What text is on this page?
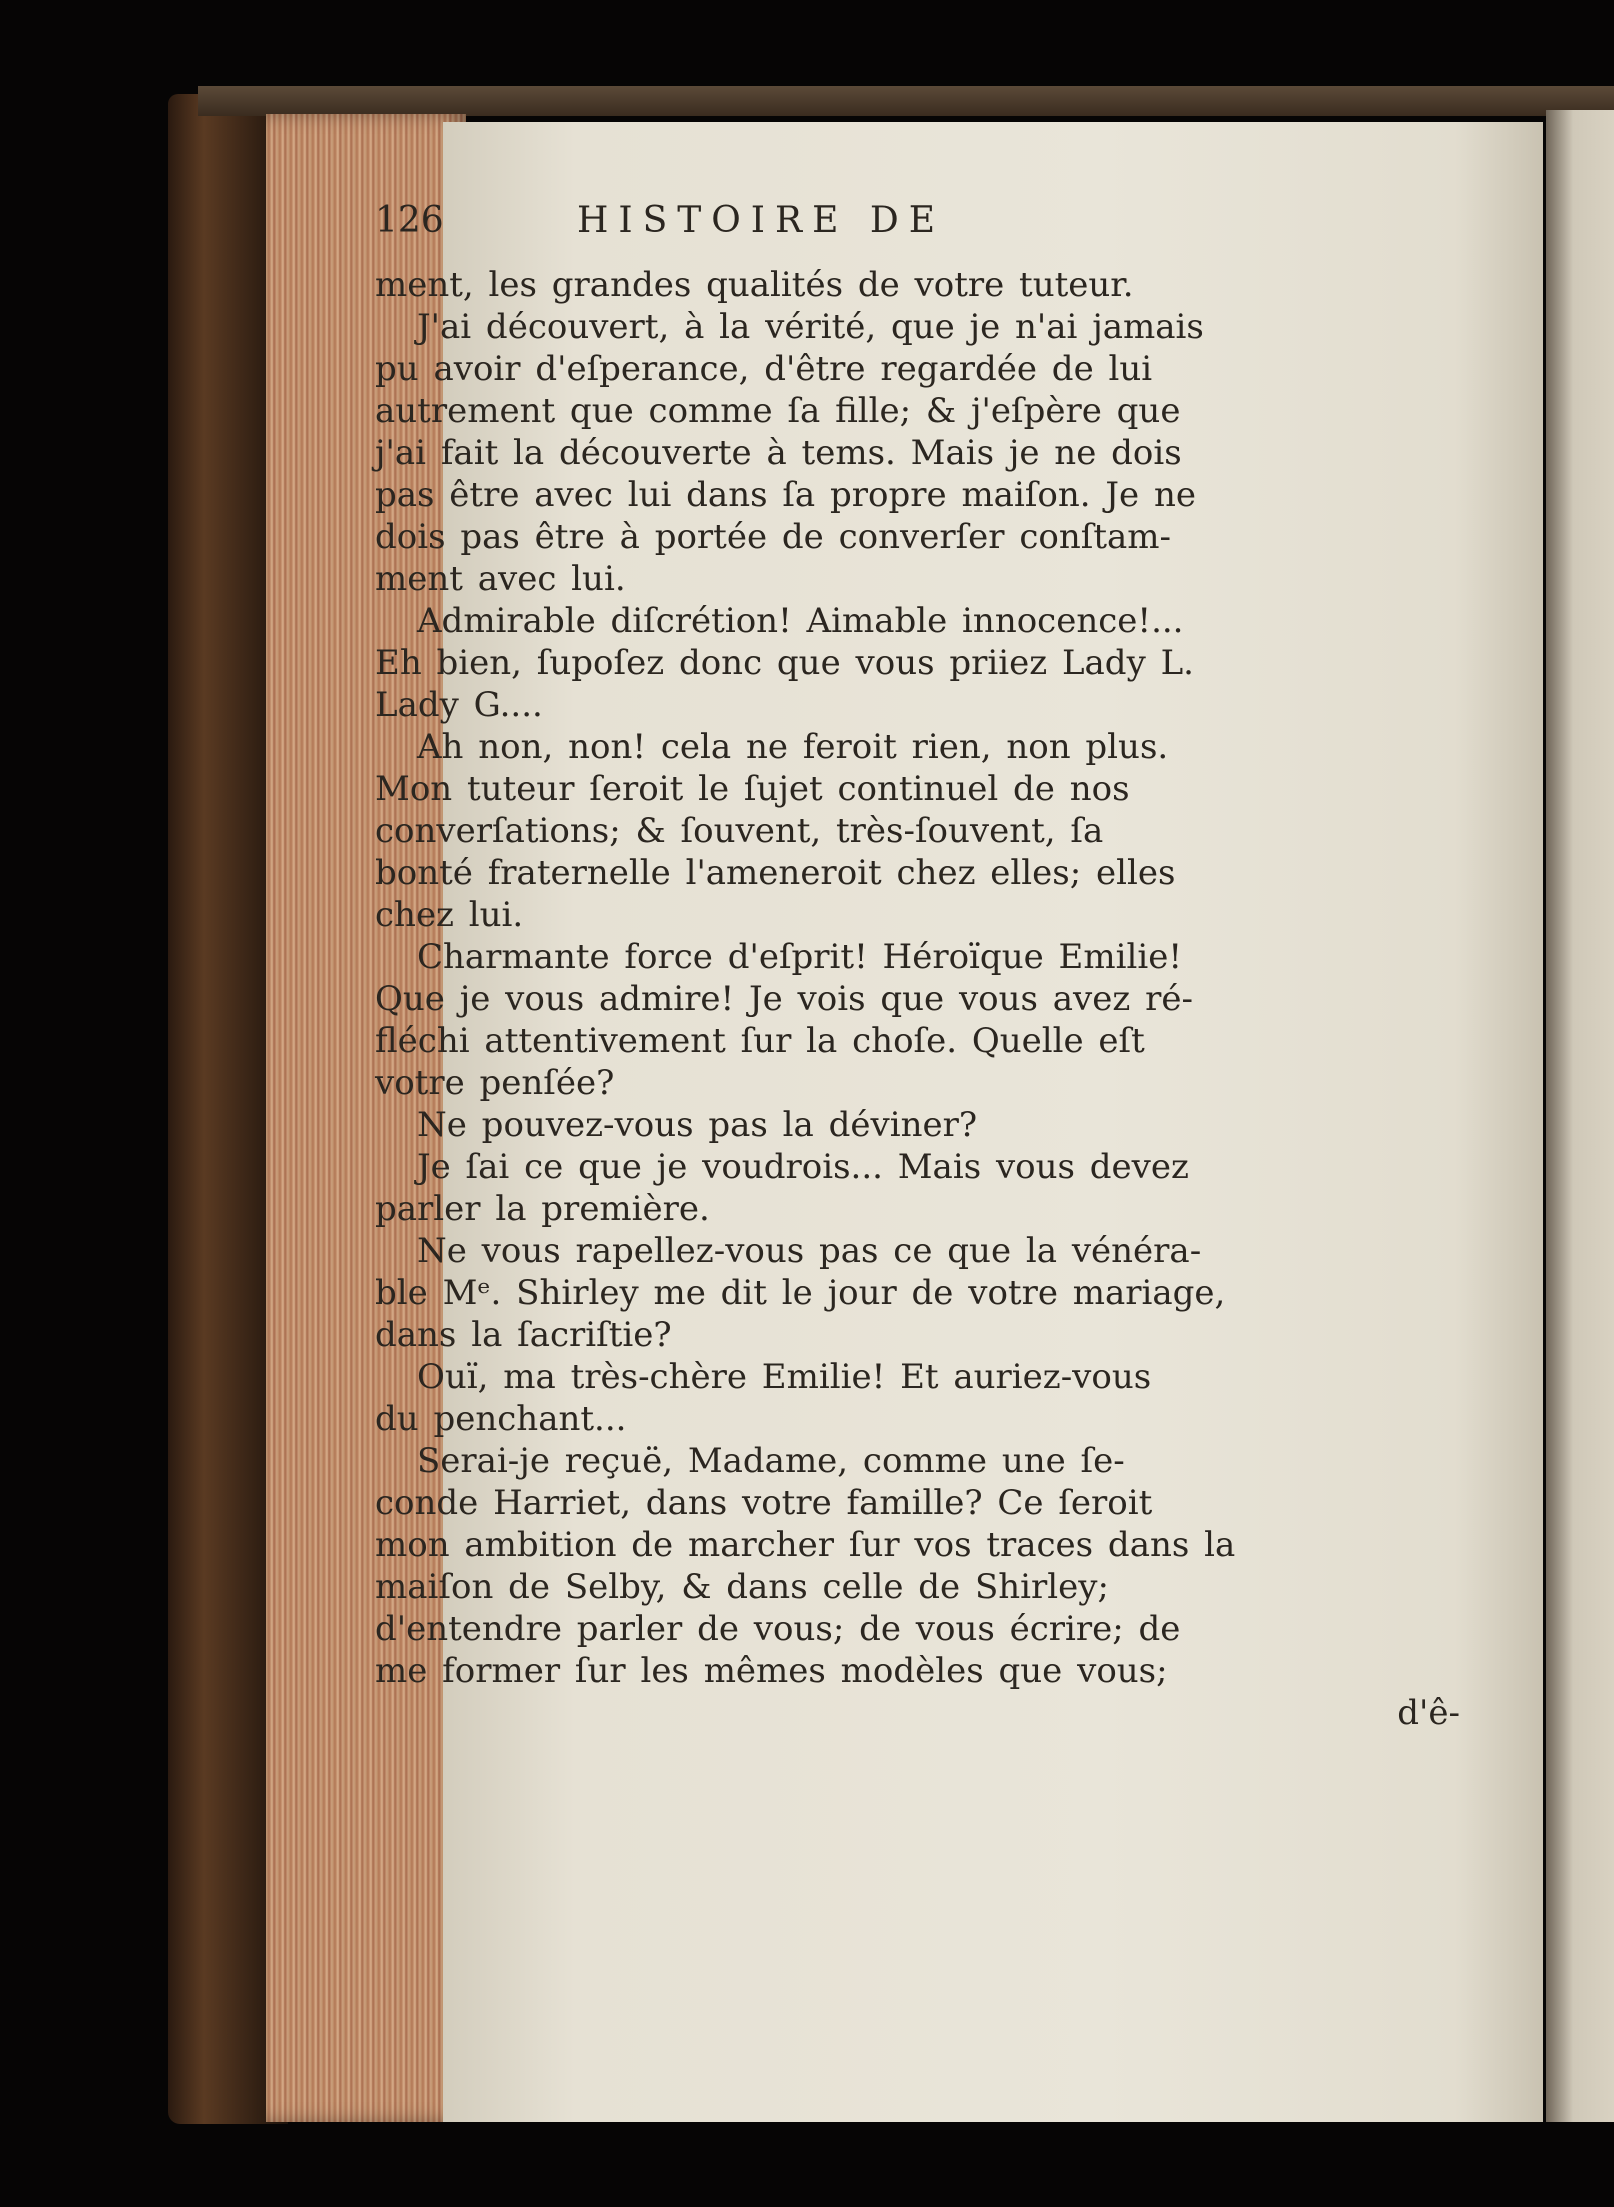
126	HISTOIRE DE
ment, les grandes qualités de votre tuteur.
J'ai découvert, à la vérité, que je n'ai jamais
pu avoir d'eſperance, d'être regardée de lui
autrement que comme ſa fille; & j'eſpère que
j'ai fait la découverte à tems. Mais je ne dois
pas être avec lui dans ſa propre maiſon. Je ne
dois pas être à portée de converſer conſtam-
ment avec lui.
Admirable diſcrétion! Aimable innocence!...
Eh bien, ſupoſez donc que vous priiez Lady L.
Lady G....
Ah non, non! cela ne feroit rien, non plus.
Mon tuteur ſeroit le ſujet continuel de nos
converſations; & ſouvent, très-ſouvent, ſa
bonté fraternelle l'ameneroit chez elles; elles
chez lui.
Charmante force d'eſprit! Héroïque Emilie!
Que je vous admire! Je vois que vous avez ré-
fléchi attentivement ſur la choſe. Quelle eſt
votre penſée?
Ne pouvez-vous pas la déviner?
Je ſai ce que je voudrois... Mais vous devez
parler la première.
Ne vous rapellez-vous pas ce que la vénéra-
ble Mᵉ. Shirley me dit le jour de votre mariage,
dans la ſacriſtie?
Ouï, ma très-chère Emilie! Et auriez-vous
du penchant...
Serai-je reçuë, Madame, comme une ſe-
conde Harriet, dans votre famille? Ce ſeroit
mon ambition de marcher ſur vos traces dans la
maiſon de Selby, & dans celle de Shirley;
d'entendre parler de vous; de vous écrire; de
me former ſur les mêmes modèles que vous;
d'ê-
